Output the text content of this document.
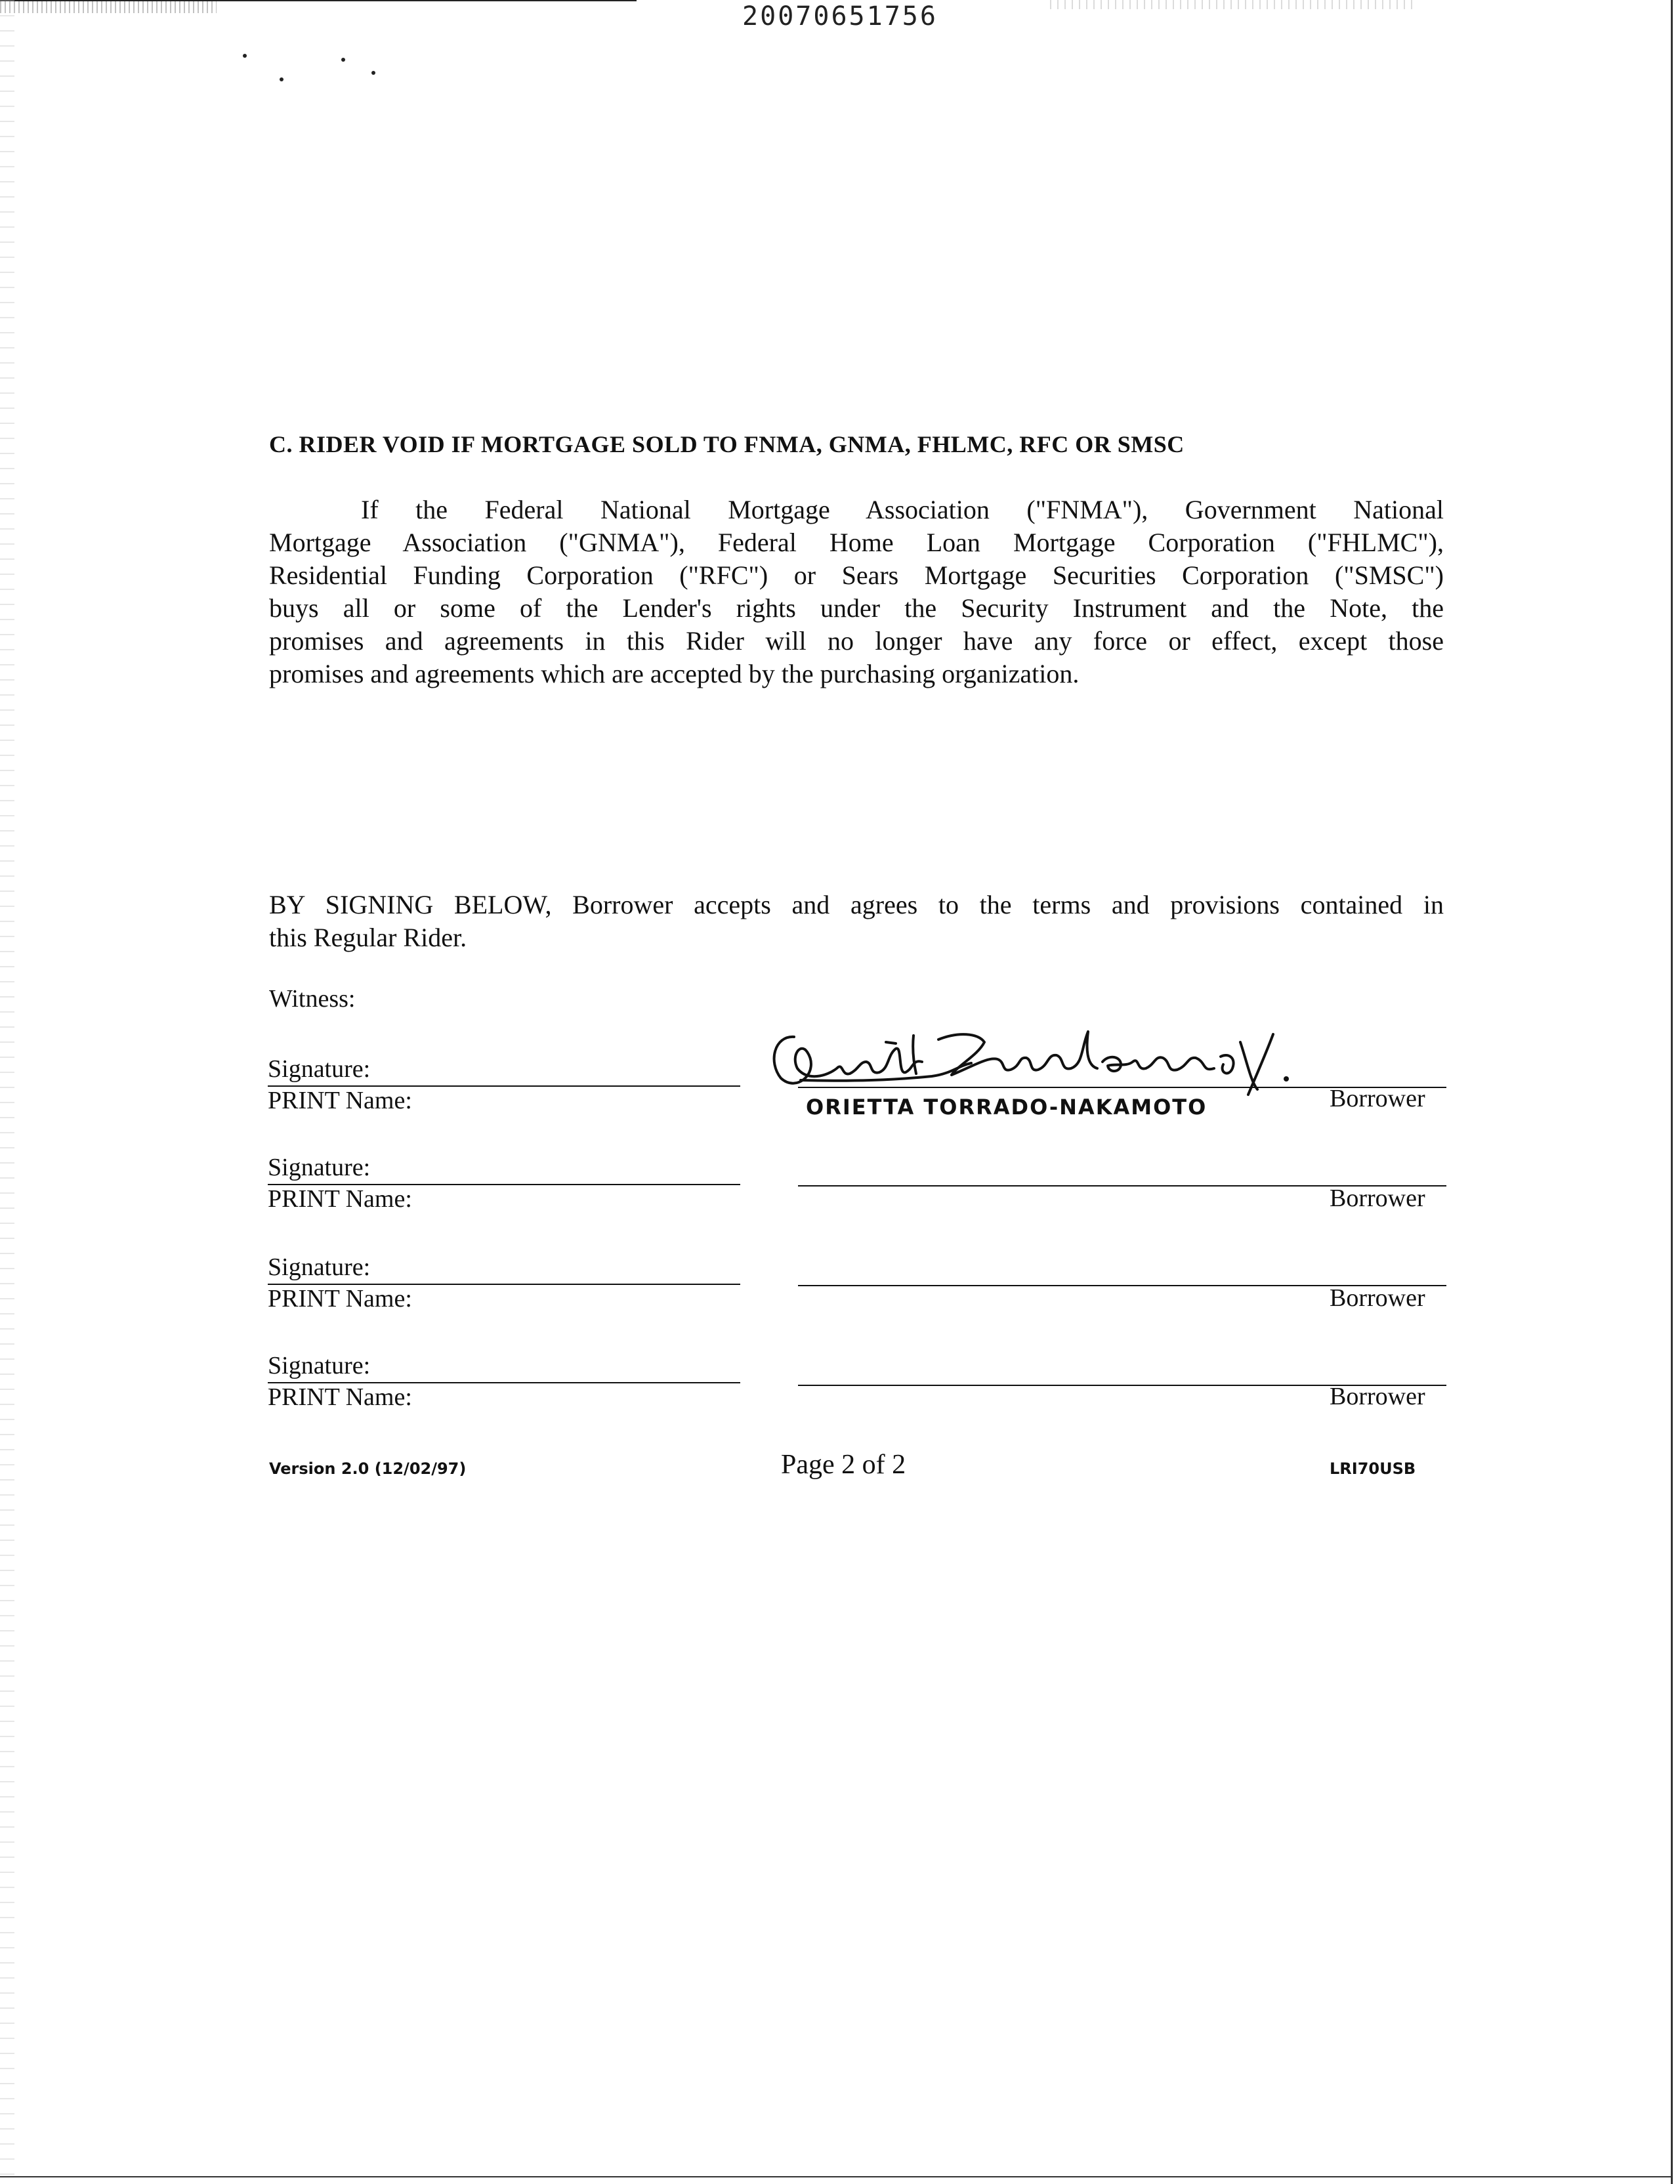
20070651756
C. RIDER VOID IF MORTGAGE SOLD TO FNMA, GNMA, FHLMC, RFC OR SMSC
If the Federal National Mortgage Association ("FNMA"), Government National
Mortgage Association ("GNMA"), Federal Home Loan Mortgage Corporation ("FHLMC"),
Residential Funding Corporation ("RFC") or Sears Mortgage Securities Corporation ("SMSC")
buys all or some of the Lender's rights under the Security Instrument and the Note, the
promises and agreements in this Rider will no longer have any force or effect, except those
promises and agreements which are accepted by the purchasing organization.
BY SIGNING BELOW, Borrower accepts and agrees to the terms and provisions contained in
this Regular Rider.
Witness:
Signature:
PRINT Name:	ORIETTA TORRADO-NAKAMOTO	Borrower
Signature:
PRINT Name:	Borrower
Signature:
PRINT Name:	Borrower
Signature:
PRINT Name:	Borrower
Version 2.0 (12/02/97)	Page 2 of 2	LRI70USB
